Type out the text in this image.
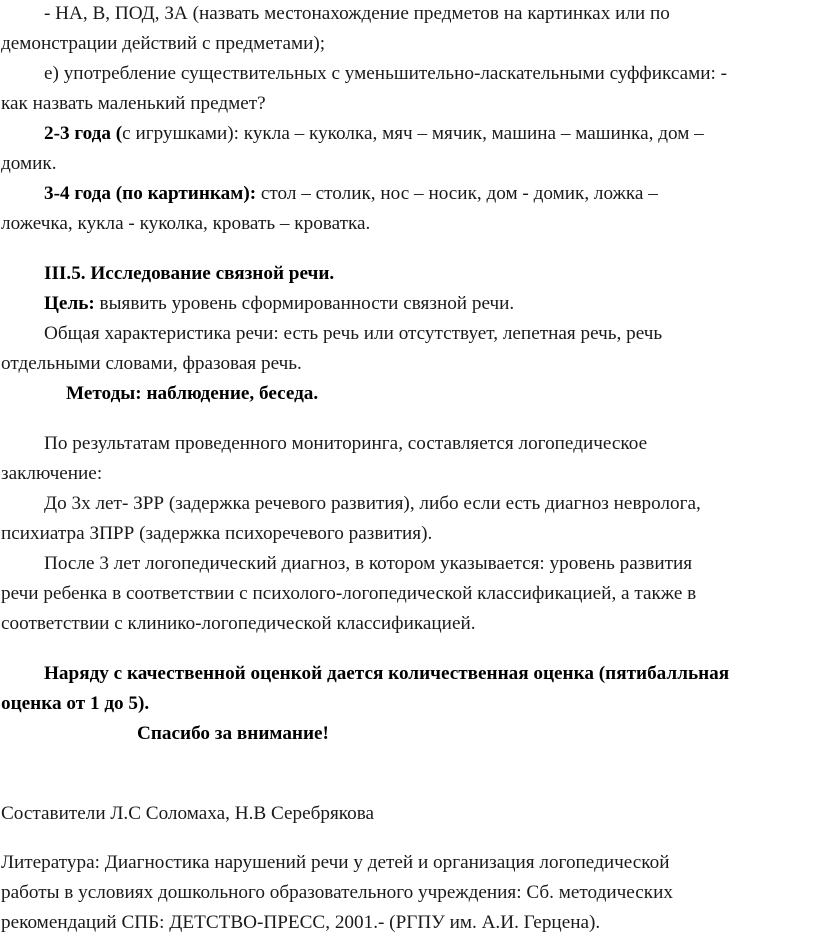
- НА, В, ПОД, ЗА (назвать местонахождение предметов на картинках или по
демонстрации действий с предметами);
е) употребление существительных с уменьшительно-ласкательными суффиксами: -
как назвать маленький предмет?
2-3 года (с игрушками): кукла – куколка, мяч – мячик, машина – машинка, дом –
домик.
3-4 года (по картинкам): стол – столик, нос – носик, дом - домик, ложка –
ложечка, кукла - куколка, кровать – кроватка.
III.5. Исследование связной речи.
Цель: выявить уровень сформированности связной речи.
Общая характеристика речи: есть речь или отсутствует, лепетная речь, речь
отдельными словами, фразовая речь.
Методы: наблюдение, беседа.
По результатам проведенного мониторинга, составляется логопедическое
заключение:
До 3х лет- ЗРР (задержка речевого развития), либо если есть диагноз невролога,
психиатра ЗПРР (задержка психоречевого развития).
После 3 лет логопедический диагноз, в котором указывается: уровень развития
речи ребенка в соответствии с психолого-логопедической классификацией, а также в
соответствии с клинико-логопедической классификацией.
Наряду с качественной оценкой дается количественная оценка (пятибалльная
оценка от 1 до 5).
Спасибо за внимание!
Составители Л.С Соломаха, Н.В Серебрякова
Литература: Диагностика нарушений речи у детей и организация логопедической
работы в условиях дошкольного образовательного учреждения: Сб. методических
рекомендаций СПБ: ДЕТСТВО-ПРЕСС, 2001.- (РГПУ им. А.И. Герцена).
